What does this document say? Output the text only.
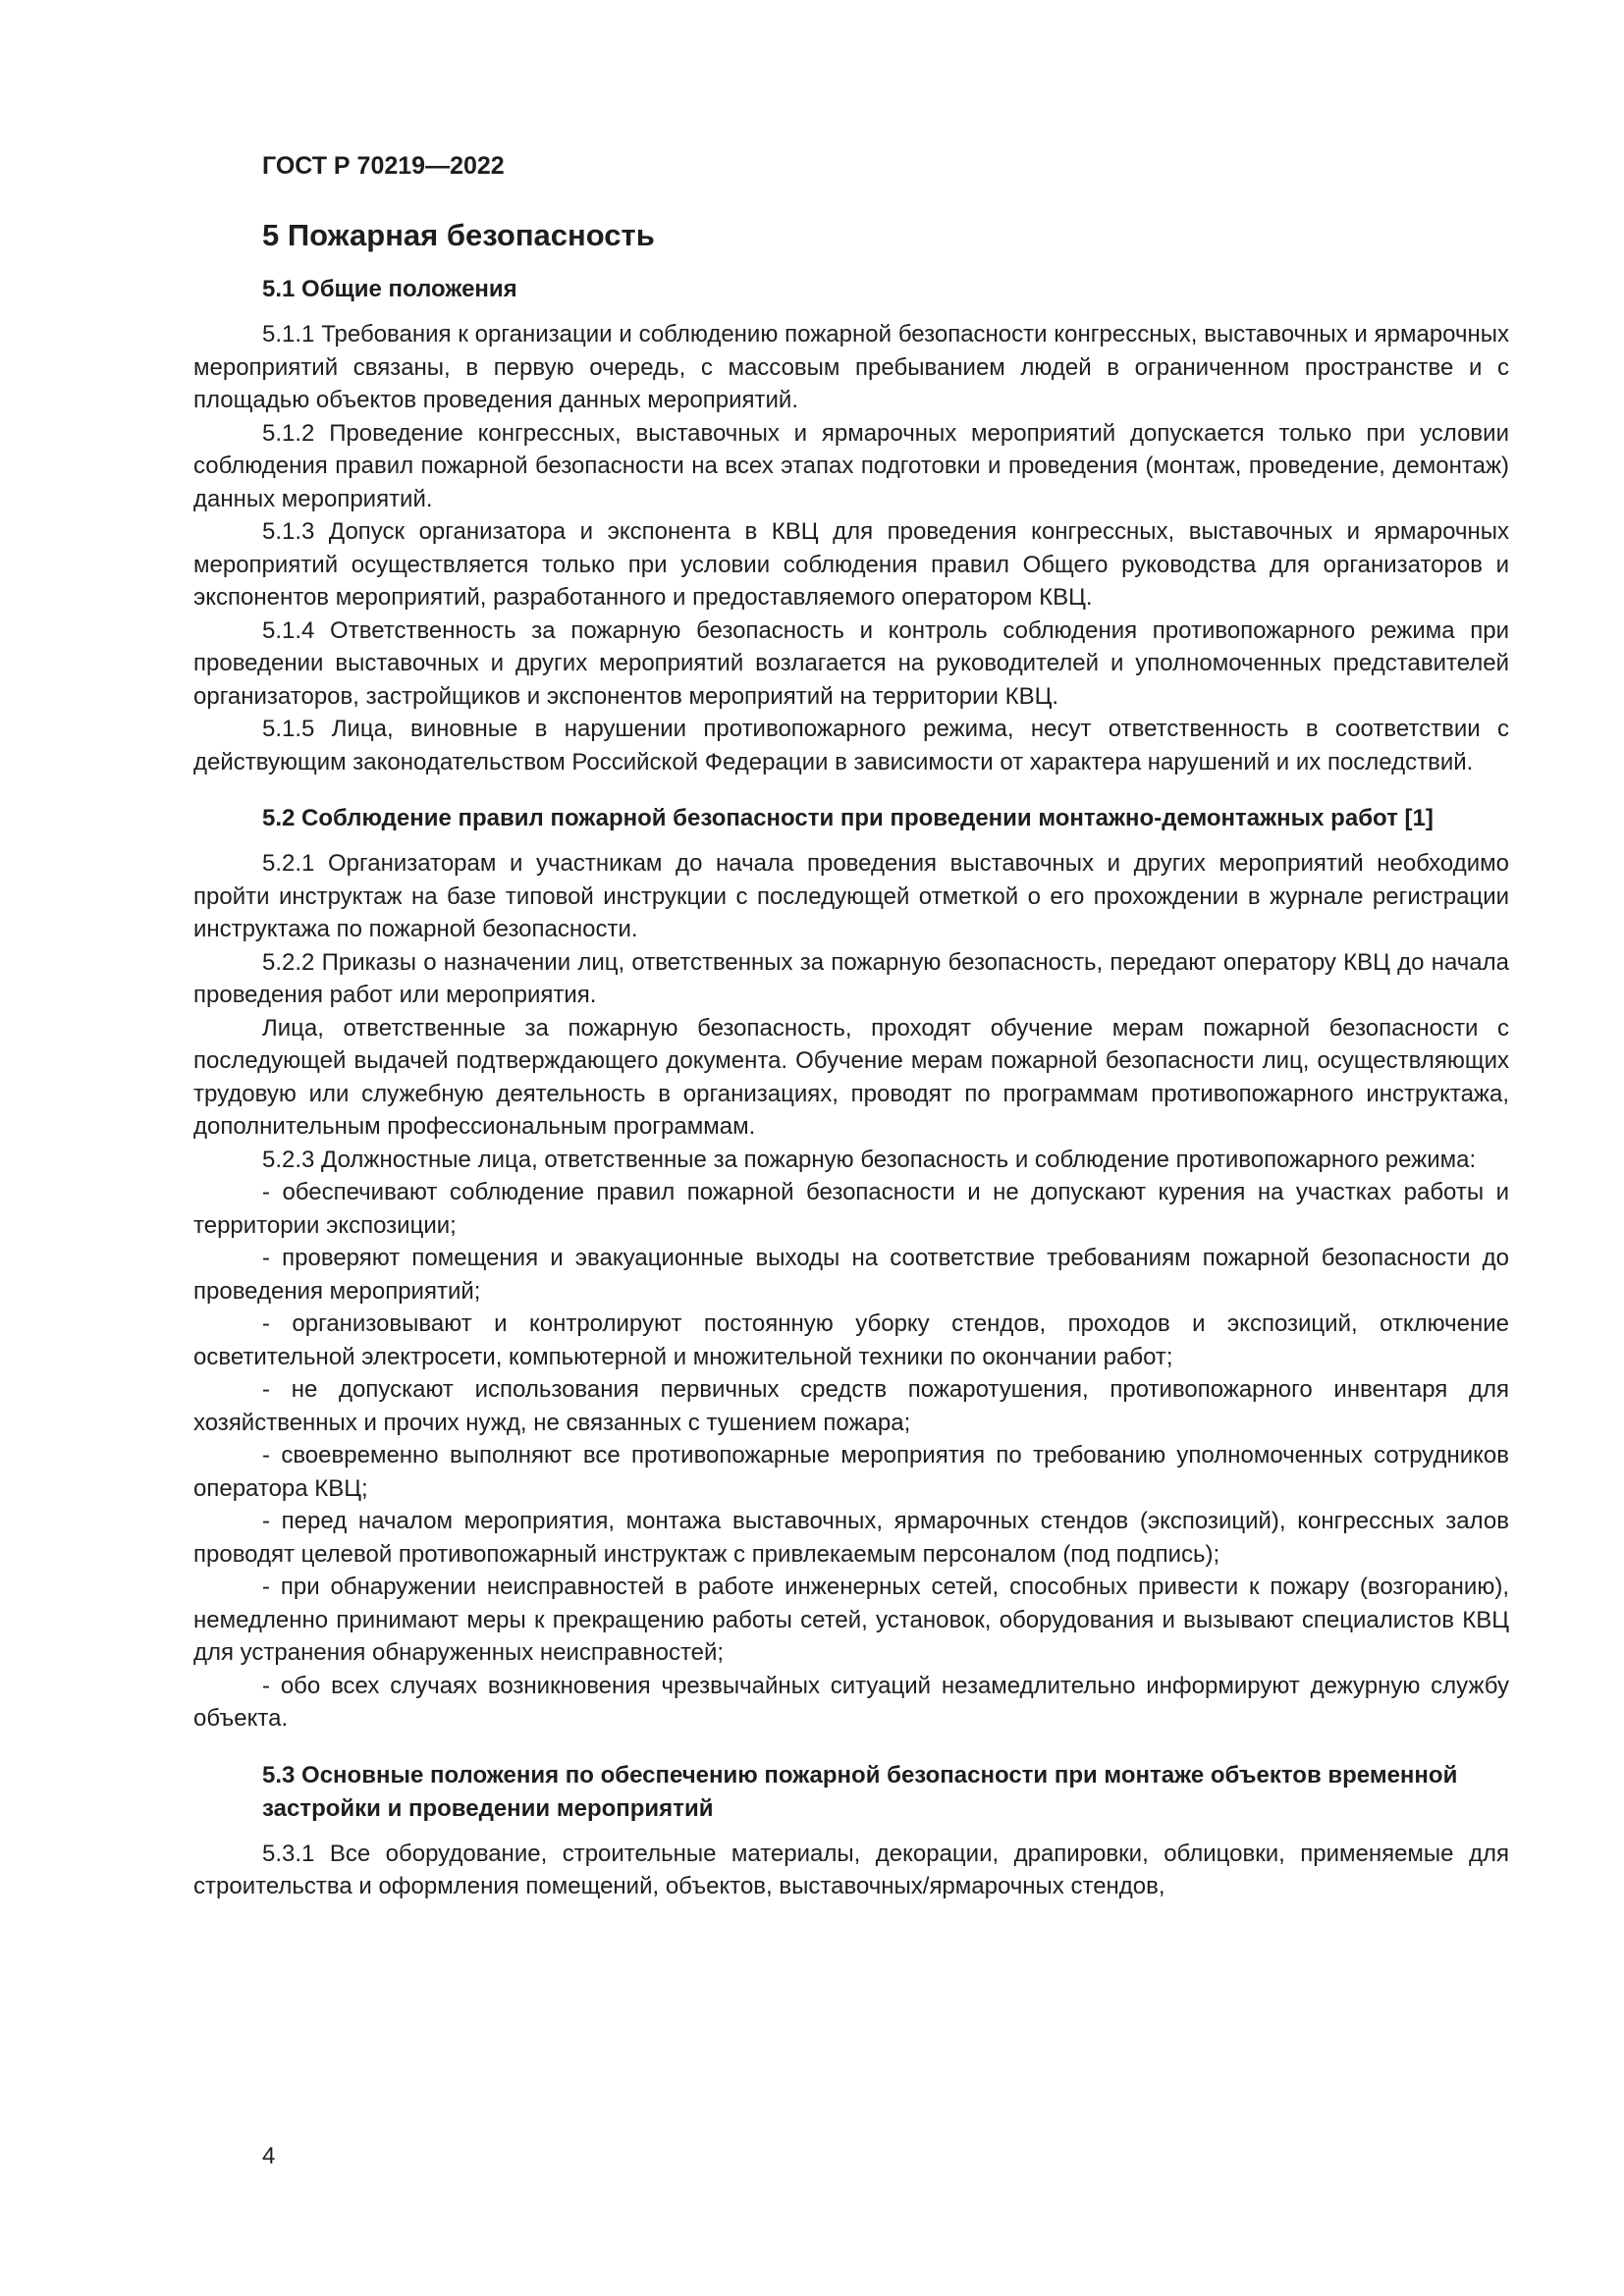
ГОСТ Р 70219—2022

5 Пожарная безопасность
5.1 Общие положения

5.1.1 Требования к организации и соблюдению пожарной безопасности конгрессных, выставочных и ярмарочных мероприятий связаны, в первую очередь, с массовым пребыванием людей в ограниченном пространстве и с площадью объектов проведения данных мероприятий.

5.1.2 Проведение конгрессных, выставочных и ярмарочных мероприятий допускается только при условии соблюдения правил пожарной безопасности на всех этапах подготовки и проведения (монтаж, проведение, демонтаж) данных мероприятий.

5.1.3 Допуск организатора и экспонента в КВЦ для проведения конгрессных, выставочных и ярмарочных мероприятий осуществляется только при условии соблюдения правил Общего руководства для организаторов и экспонентов мероприятий, разработанного и предоставляемого оператором КВЦ.

5.1.4 Ответственность за пожарную безопасность и контроль соблюдения противопожарного режима при проведении выставочных и других мероприятий возлагается на руководителей и уполномоченных представителей организаторов, застройщиков и экспонентов мероприятий на территории КВЦ.

5.1.5 Лица, виновные в нарушении противопожарного режима, несут ответственность в соответствии с действующим законодательством Российской Федерации в зависимости от характера нарушений и их последствий.

5.2 Соблюдение правил пожарной безопасности при проведении монтажно-демонтажных работ [1]

5.2.1 Организаторам и участникам до начала проведения выставочных и других мероприятий необходимо пройти инструктаж на базе типовой инструкции с последующей отметкой о его прохождении в журнале регистрации инструктажа по пожарной безопасности.

5.2.2 Приказы о назначении лиц, ответственных за пожарную безопасность, передают оператору КВЦ до начала проведения работ или мероприятия.

Лица, ответственные за пожарную безопасность, проходят обучение мерам пожарной безопасности с последующей выдачей подтверждающего документа. Обучение мерам пожарной безопасности лиц, осуществляющих трудовую или служебную деятельность в организациях, проводят по программам противопожарного инструктажа, дополнительным профессиональным программам.

5.2.3 Должностные лица, ответственные за пожарную безопасность и соблюдение противопожарного режима:

- обеспечивают соблюдение правил пожарной безопасности и не допускают курения на участках работы и территории экспозиции;

- проверяют помещения и эвакуационные выходы на соответствие требованиям пожарной безопасности до проведения мероприятий;

- организовывают и контролируют постоянную уборку стендов, проходов и экспозиций, отключение осветительной электросети, компьютерной и множительной техники по окончании работ;

- не допускают использования первичных средств пожаротушения, противопожарного инвентаря для хозяйственных и прочих нужд, не связанных с тушением пожара;

- своевременно выполняют все противопожарные мероприятия по требованию уполномоченных сотрудников оператора КВЦ;

- перед началом мероприятия, монтажа выставочных, ярмарочных стендов (экспозиций), конгрессных залов проводят целевой противопожарный инструктаж с привлекаемым персоналом (под подпись);

- при обнаружении неисправностей в работе инженерных сетей, способных привести к пожару (возгоранию), немедленно принимают меры к прекращению работы сетей, установок, оборудования и вызывают специалистов КВЦ для устранения обнаруженных неисправностей;

- обо всех случаях возникновения чрезвычайных ситуаций незамедлительно информируют дежурную службу объекта.

5.3 Основные положения по обеспечению пожарной безопасности при монтаже объектов временной застройки и проведении мероприятий

5.3.1 Все оборудование, строительные материалы, декорации, драпировки, облицовки, применяемые для строительства и оформления помещений, объектов, выставочных/ярмарочных стендов,

4
